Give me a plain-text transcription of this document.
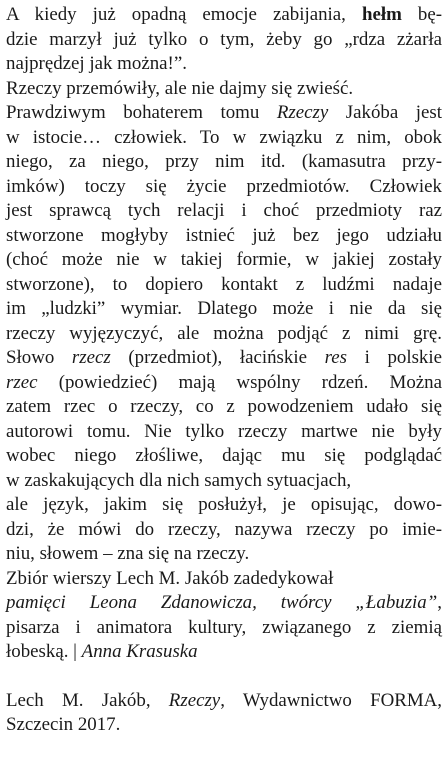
A kiedy już opadną emocje zabijania, hełm bę-
dzie marzył już tylko o tym, żeby go „rdza zżarła
najprędzej jak można!”.
Rzeczy przemówiły, ale nie dajmy się zwieść.
Prawdziwym bohaterem tomu Rzeczy Jakóba jest
w istocie… człowiek. To w związku z nim, obok
niego, za niego, przy nim itd. (kamasutra przy-
imków) toczy się życie przedmiotów. Człowiek
jest sprawcą tych relacji i choć przedmioty raz
stworzone mogłyby istnieć już bez jego udziału
(choć może nie w takiej formie, w jakiej zostały
stworzone), to dopiero kontakt z ludźmi nadaje
im „ludzki” wymiar. Dlatego może i nie da się
rzeczy wyjęzyczyć, ale można podjąć z nimi grę.
Słowo rzecz (przedmiot), łacińskie res i polskie
rzec (powiedzieć) mają wspólny rdzeń. Można
zatem rzec o rzeczy, co z powodzeniem udało się
autorowi tomu. Nie tylko rzeczy martwe nie były
wobec niego złośliwe, dając mu się podglądać
w zaskakujących dla nich samych sytuacjach,
ale język, jakim się posłużył, je opisując, dowo-
dzi, że mówi do rzeczy, nazywa rzeczy po imie-
niu, słowem – zna się na rzeczy.
Zbiór wierszy Lech M. Jakób zadedykował
pamięci Leona Zdanowicza, twórcy „Łabuzia”,
pisarza i animatora kultury, związanego z ziemią
łobeską. | Anna Krasuska
Lech M. Jakób, Rzeczy, Wydawnictwo FORMA,
Szczecin 2017.
